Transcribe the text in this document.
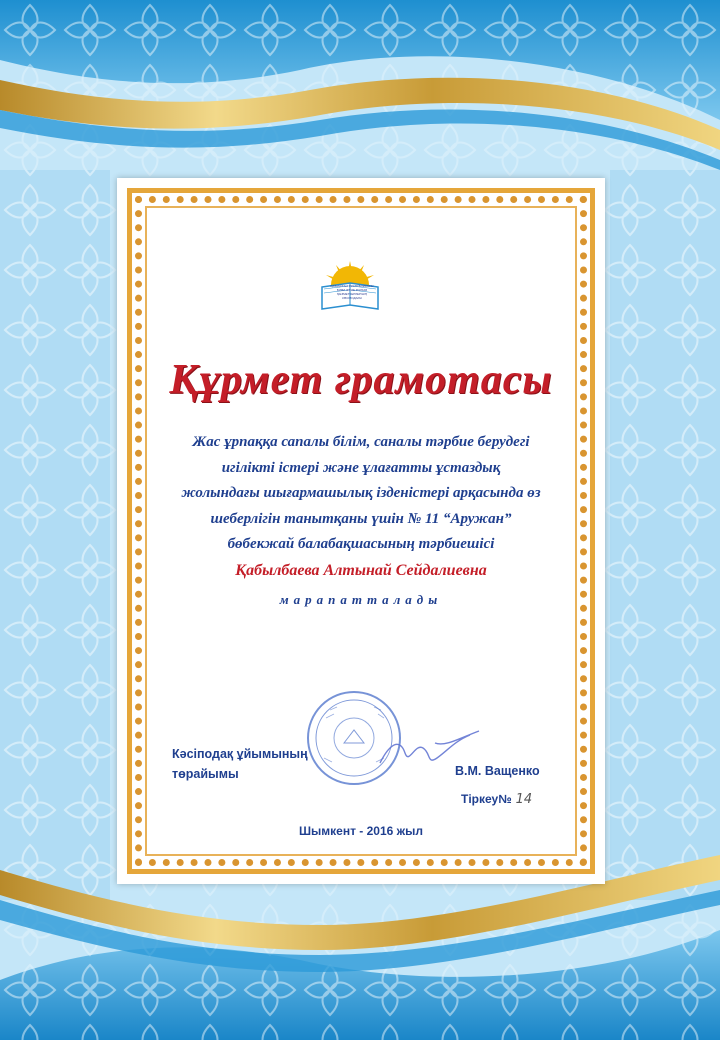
ҚАЗАҚСТАН РЕСПУБЛИКАСЫ БІЛІМ ЖӘНЕ ҒЫЛЫМ ҚЫЗМЕТКЕРЛЕРІНІҢ КӘСІПОДАҒЫ
Құрмет грамотасы
Жас ұрпаққа сапалы білім, саналы тәрбие берудегі
игілікті істері және ұлағатты ұстаздық
жолындағы шығармашылық ізденістері арқасында өз
шеберлігін танытқаны үшін № 11 “Аружан”
бөбекжай балабақшасының тәрбиешісі
Қабылбаева Алтынай Сейдалиевна
марапатталады
Кәсіподақ ұйымының
төрайымы	В.М. Ващенко
Тіркеу№ 14
Шымкент - 2016 жыл
